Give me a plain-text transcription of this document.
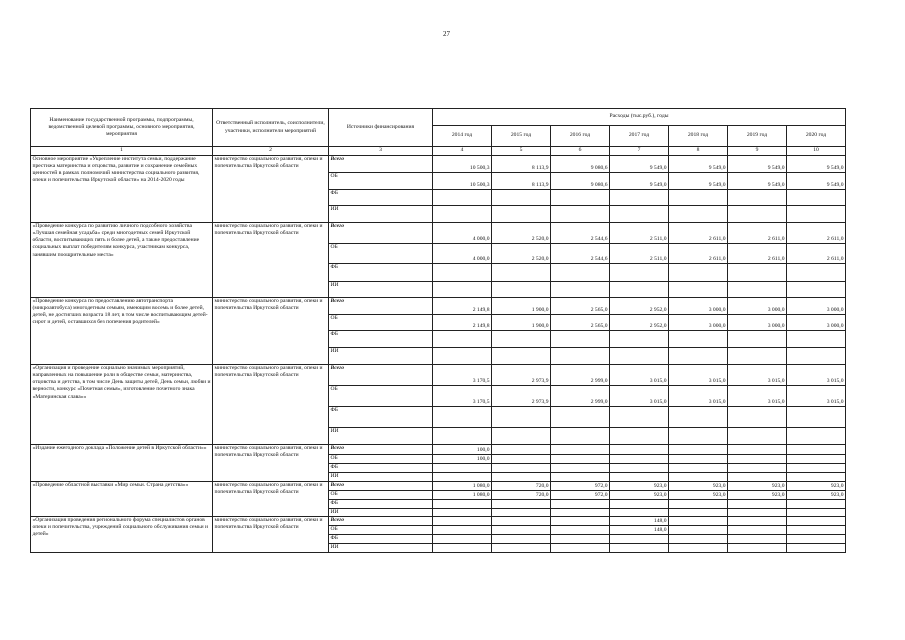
27
Наименование государственной программы, подпрограммы, ведомственной целевой программы, основного мероприятия, мероприятия	Ответственный исполнитель, соисполнители, участники, исполнители мероприятий	Источники финансирования	Расходы (тыс.руб.), годы						
			2014 год	2015 год	2016 год	2017 год	2018 год	2019 год	2020 год
1	2	3	4	5	6	7	8	9	10
Основное мероприятие «Укрепление института семьи, поддержание престижа материнства и отцовства, развитие и сохранение семейных ценностей в рамках полномочий министерства социального развития, опеки и попечительства Иркутской области» на 2014-2020 годы	министерство социального развития, опеки и попечительства Иркутской области	Всего	10 500,3	8 113,9	9 080,6	9 549,0	9 549,0	9 549,0	9 549,0
		ОБ	10 500,3	8 113,9	9 080,6	9 549,0	9 549,0	9 549,0	9 549,0
		ФБ							
		ИИ							
«Проведение конкурса по развитию личного подсобного хозяйства «Лучшая семейная усадьба» среди многодетных семей Иркутской области, воспитывающих пять и более детей, а также предоставление социальных выплат победителям конкурса, участникам конкурса, занявшим поощрительные места»	министерство социального развития, опеки и попечительства Иркутской области	Всего	4 000,0	2 520,0	2 544,6	2 511,0	2 611,0	2 611,0	2 611,0
		ОБ	4 000,0	2 520,0	2 544,6	2 511,0	2 611,0	2 611,0	2 611,0
		ФБ							
		ИИ							
«Проведение конкурса по предоставлению автотранспорта (микроавтобуса) многодетным семьям, имеющим восемь и более детей, детей, не достигших возраста 18 лет, в том числе воспитывающим детей-сирот и детей, оставшихся без попечения родителей»	министерство социального развития, опеки и попечительства Иркутской области	Всего	2 149,8	1 900,0	2 565,0	2 952,0	3 000,0	3 000,0	3 000,0
		ОБ	2 149,8	1 900,0	2 565,0	2 952,0	3 000,0	3 000,0	3 000,0
		ФБ							
		ИИ							
«Организация и проведение социально значимых мероприятий, направленных на повышение роли в обществе семьи, материнства, отцовства и детства, в том числе День защиты детей, День семьи, любви и верности, конкурс «Почетная семья», изготовление почетного знака «Материнская слава»»	министерство социального развития, опеки и попечительства Иркутской области	Всего	3 170,5	2 973,9	2 999,0	3 015,0	3 015,0	3 015,0	3 015,0
		ОБ	3 170,5	2 973,9	2 999,0	3 015,0	3 015,0	3 015,0	3 015,0
		ФБ							
		ИИ							
«Издание ежегодного доклада «Положение детей в Иркутской области»»	министерство социального развития, опеки и попечительства Иркутской области	Всего	100,0						
		ОБ	100,0						
		ФБ							
		ИИ							
«Проведение областной выставки «Мир семьи. Страна детства»»	министерство социального развития, опеки и попечительства Иркутской области	Всего	1 080,0	720,0	972,0	923,0	923,0	923,0	923,0
		ОБ	1 080,0	720,0	972,0	923,0	923,0	923,0	923,0
		ФБ							
		ИИ							
«Организация проведения регионального форума специалистов органов опеки и попечительства, учреждений социального обслуживания семьи и детей»	министерство социального развития, опеки и попечительства Иркутской области	Всего				148,0			
		ОБ				148,0			
		ФБ							
		ИИ							
